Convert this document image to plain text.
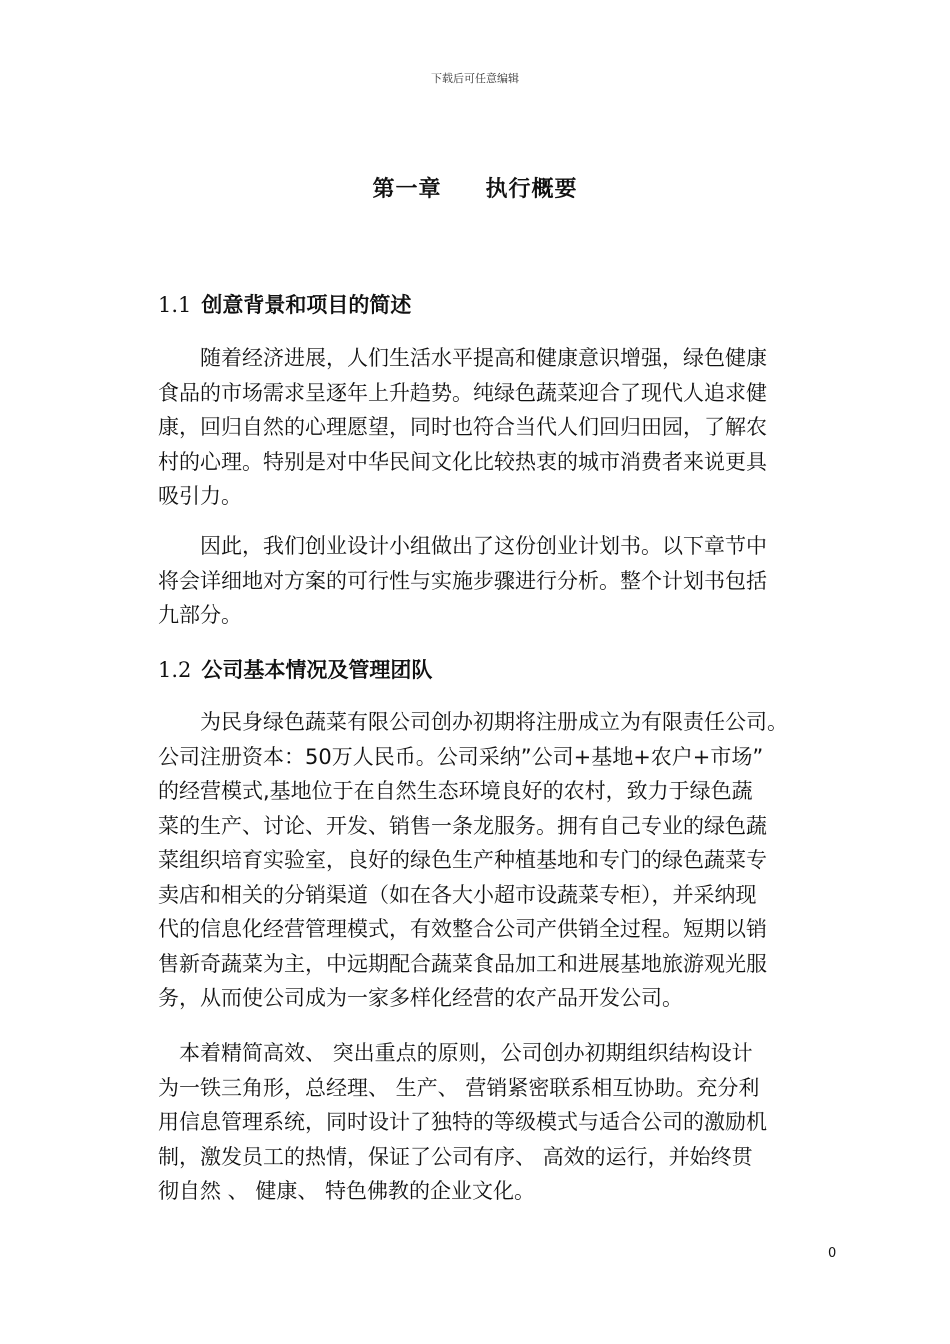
下载后可任意编辑
第一章 执行概要
1.1 创意背景和项目的简述

　　随着经济进展，人们生活水平提高和健康意识增强，绿色健康
食品的市场需求呈逐年上升趋势。纯绿色蔬菜迎合了现代人追求健
康，回归自然的心理愿望，同时也符合当代人们回归田园，了解农
村的心理。特别是对中华民间文化比较热衷的城市消费者来说更具
吸引力。

　　因此，我们创业设计小组做出了这份创业计划书。以下章节中
将会详细地对方案的可行性与实施步骤进行分析。整个计划书包括
九部分。

1.2 公司基本情况及管理团队

　　为民身绿色蔬菜有限公司创办初期将注册成立为有限责任公司。
公司注册资本：50万人民币。公司采纳”公司+基地+农户+市场”
的经营模式,基地位于在自然生态环境良好的农村，致力于绿色蔬
菜的生产、讨论、开发、销售一条龙服务。拥有自己专业的绿色蔬
菜组织培育实验室，良好的绿色生产种植基地和专门的绿色蔬菜专
卖店和相关的分销渠道（如在各大小超市设蔬菜专柜），并采纳现
代的信息化经营管理模式，有效整合公司产供销全过程。短期以销
售新奇蔬菜为主，中远期配合蔬菜食品加工和进展基地旅游观光服
务，从而使公司成为一家多样化经营的农产品开发公司。

　本着精简高效、 突出重点的原则，公司创办初期组织结构设计
为一铁三角形，总经理、 生产、 营销紧密联系相互协助。充分利
用信息管理系统，同时设计了独特的等级模式与适合公司的激励机
制，激发员工的热情，保证了公司有序、 高效的运行，并始终贯
彻自然 、 健康、 特色佛教的企业文化。

0
